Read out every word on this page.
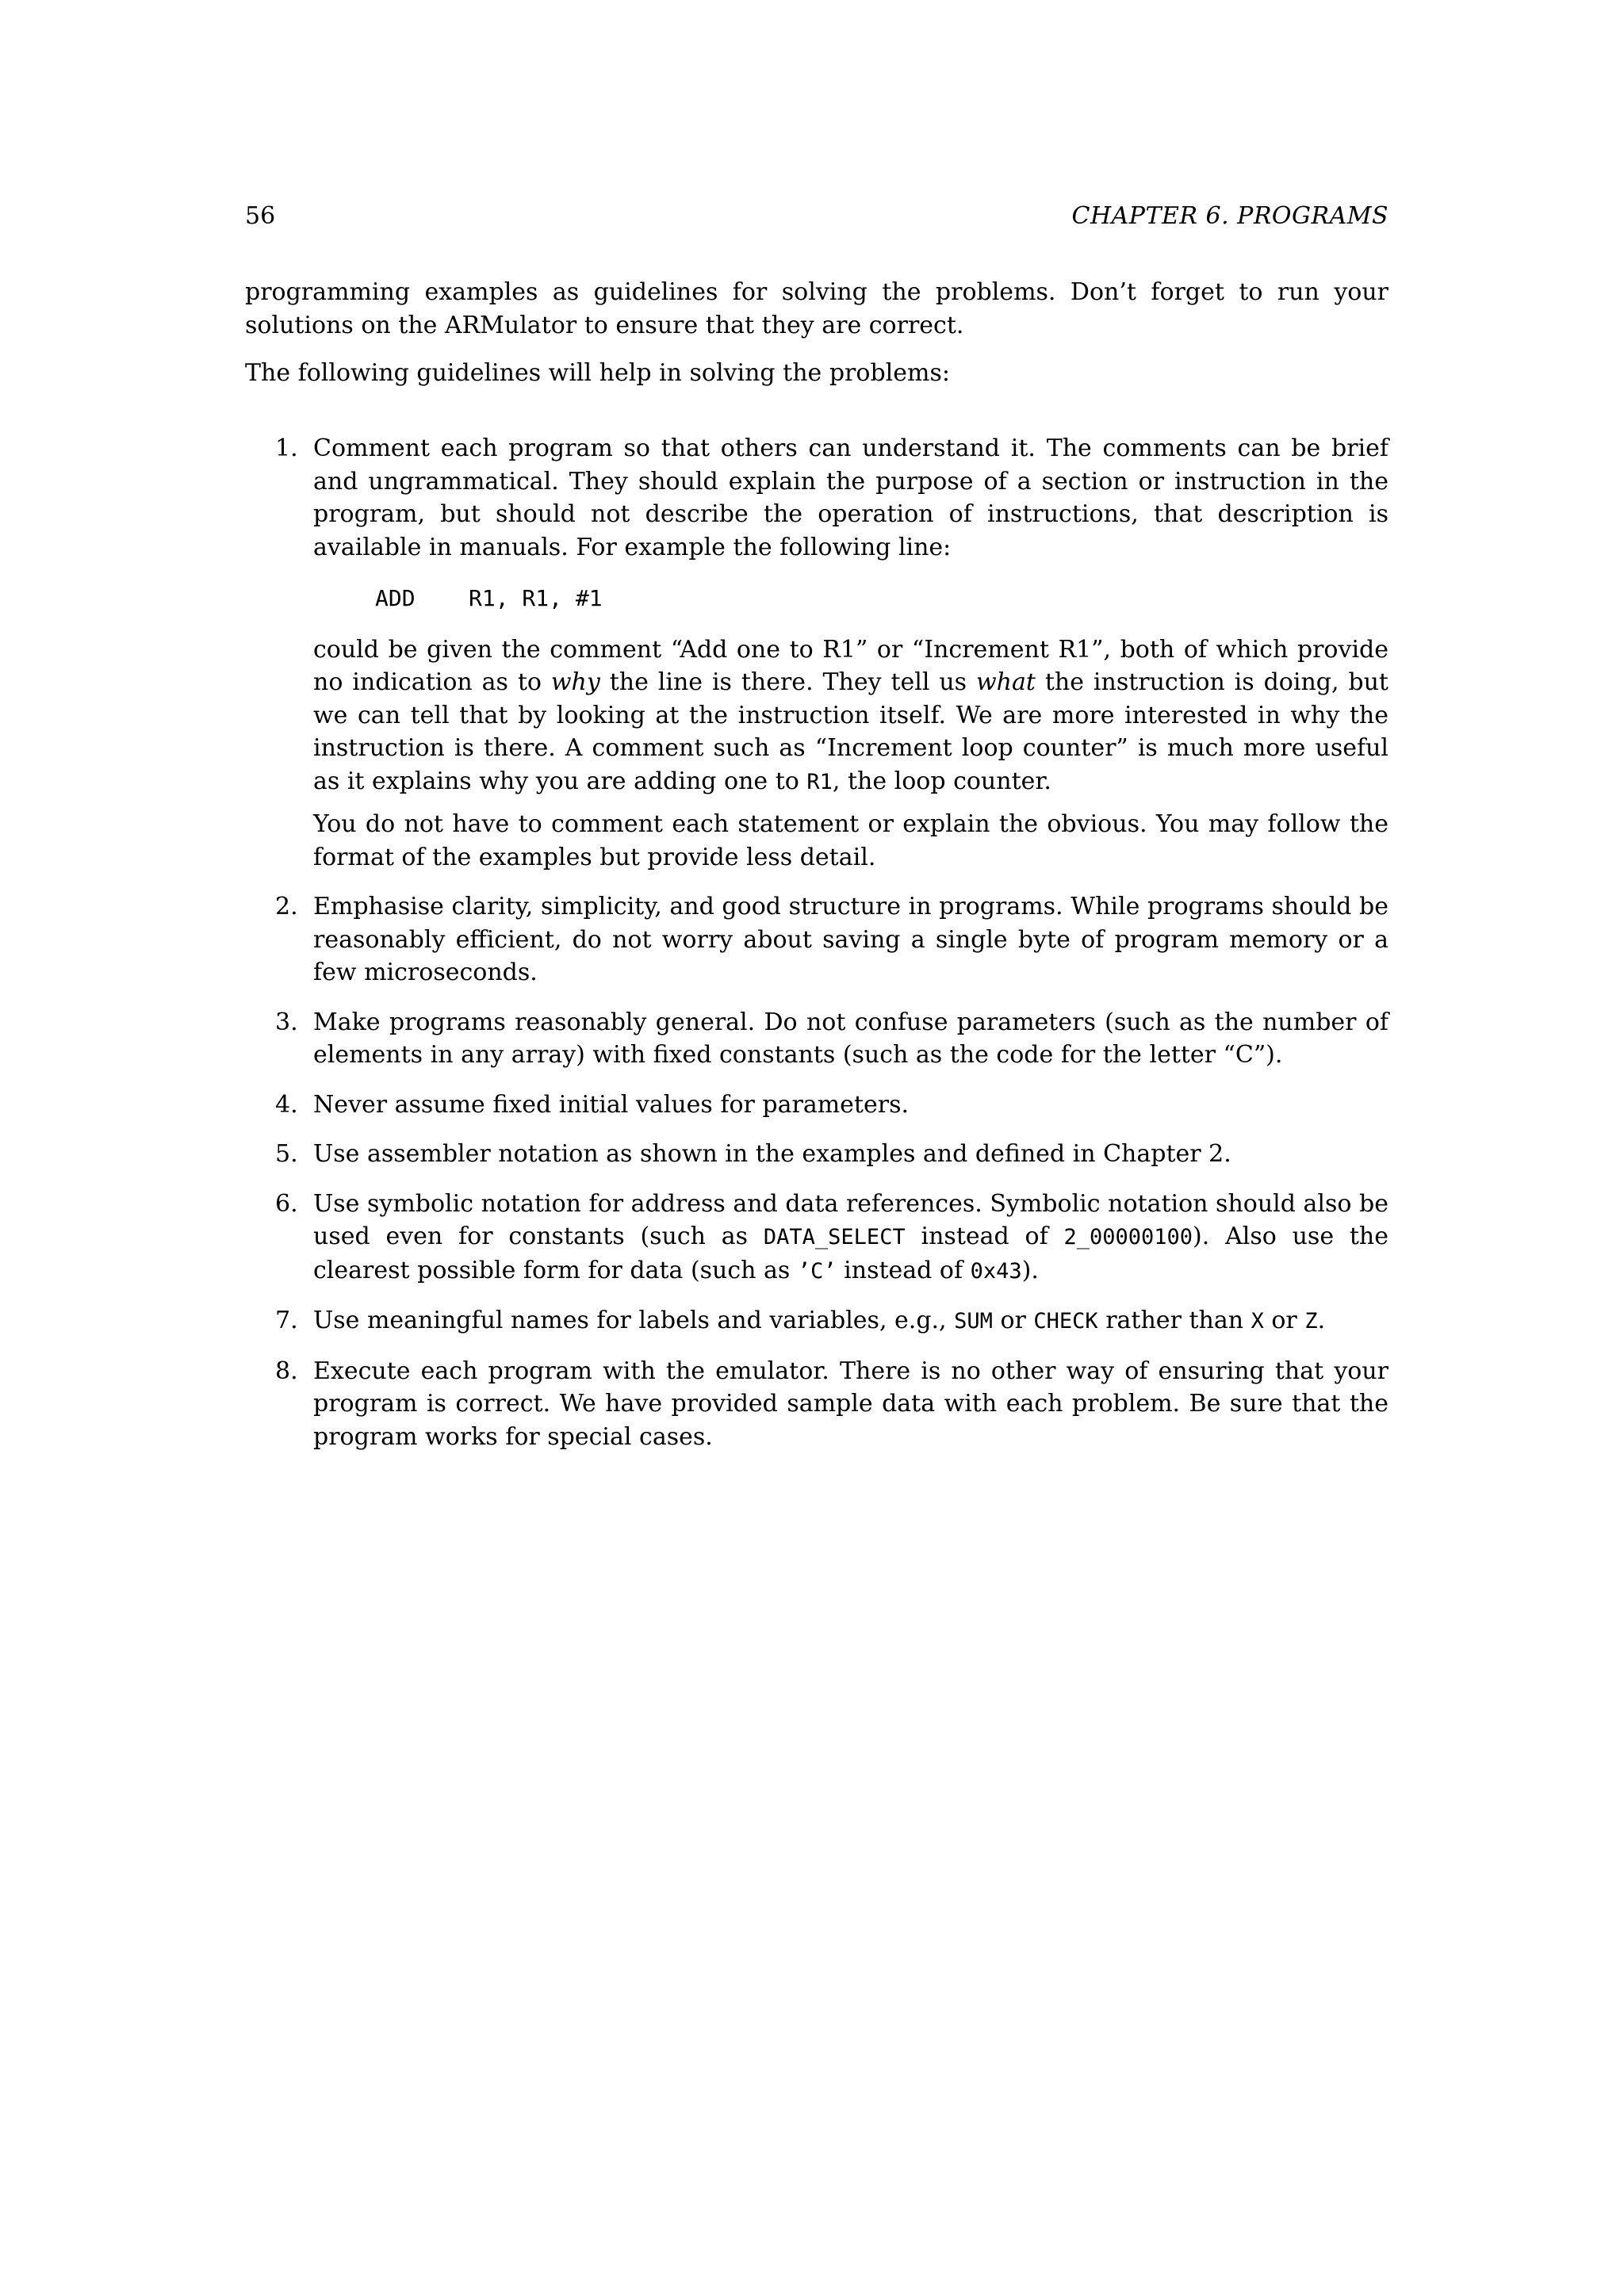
56	CHAPTER 6. PROGRAMS

programming examples as guidelines for solving the problems. Don’t forget to run your solutions on the ARMulator to ensure that they are correct.

The following guidelines will help in solving the problems:

1. Comment each program so that others can understand it. The comments can be brief and ungrammatical. They should explain the purpose of a section or instruction in the program, but should not describe the operation of instructions, that description is available in manuals. For example the following line:
ADD    R1, R1, #1
could be given the comment “Add one to R1” or “Increment R1”, both of which provide no indication as to why the line is there. They tell us what the instruction is doing, but we can tell that by looking at the instruction itself. We are more interested in why the instruction is there. A comment such as “Increment loop counter” is much more useful as it explains why you are adding one to R1, the loop counter.
You do not have to comment each statement or explain the obvious. You may follow the format of the examples but provide less detail.
2. Emphasise clarity, simplicity, and good structure in programs. While programs should be reasonably efficient, do not worry about saving a single byte of program memory or a few microseconds.
3. Make programs reasonably general. Do not confuse parameters (such as the number of elements in any array) with fixed constants (such as the code for the letter “C”).
4. Never assume fixed initial values for parameters.
5. Use assembler notation as shown in the examples and defined in Chapter 2.
6. Use symbolic notation for address and data references. Symbolic notation should also be used even for constants (such as DATA_SELECT instead of 2_00000100). Also use the clearest possible form for data (such as ’C’ instead of 0x43).
7. Use meaningful names for labels and variables, e.g., SUM or CHECK rather than X or Z.
8. Execute each program with the emulator. There is no other way of ensuring that your program is correct. We have provided sample data with each problem. Be sure that the program works for special cases.
